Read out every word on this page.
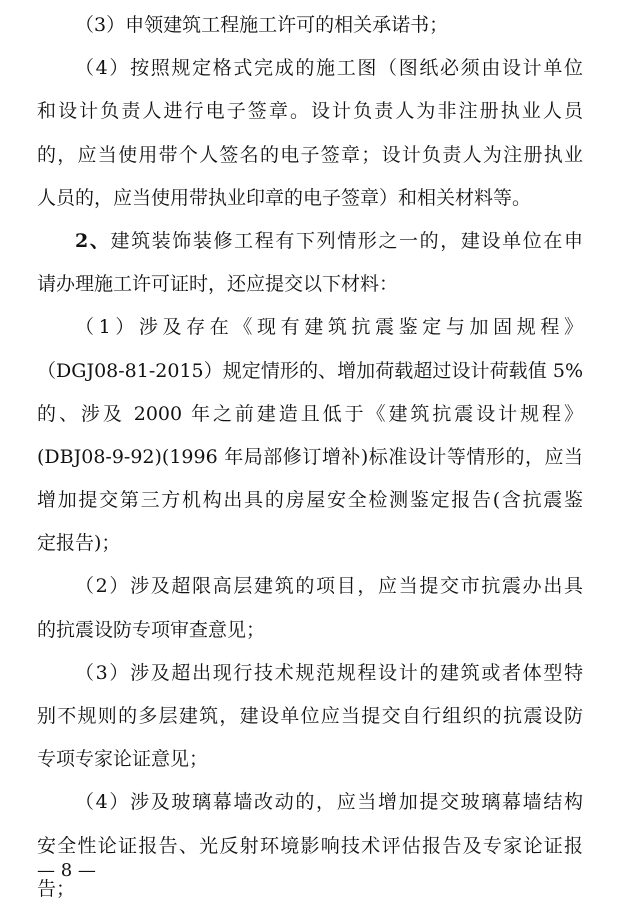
（3）申领建筑工程施工许可的相关承诺书；
（4）按照规定格式完成的施工图（图纸必须由设计单位
和设计负责人进行电子签章。设计负责人为非注册执业人员
的，应当使用带个人签名的电子签章；设计负责人为注册执业
人员的，应当使用带执业印章的电子签章）和相关材料等。
2、建筑装饰装修工程有下列情形之一的，建设单位在申
请办理施工许可证时，还应提交以下材料：
（1）涉及存在《现有建筑抗震鉴定与加固规程》
（DGJ08-81-2015）规定情形的、增加荷载超过设计荷载值 5%
的、涉及 2000 年之前建造且低于《建筑抗震设计规程》
(DBJ08-9-92)(1996 年局部修订增补)标准设计等情形的，应当
增加提交第三方机构出具的房屋安全检测鉴定报告(含抗震鉴
定报告)；
（2）涉及超限高层建筑的项目，应当提交市抗震办出具
的抗震设防专项审查意见；
（3）涉及超出现行技术规范规程设计的建筑或者体型特
别不规则的多层建筑，建设单位应当提交自行组织的抗震设防
专项专家论证意见；
（4）涉及玻璃幕墙改动的，应当增加提交玻璃幕墙结构
安全性论证报告、光反射环境影响技术评估报告及专家论证报
告；
— 8 —
